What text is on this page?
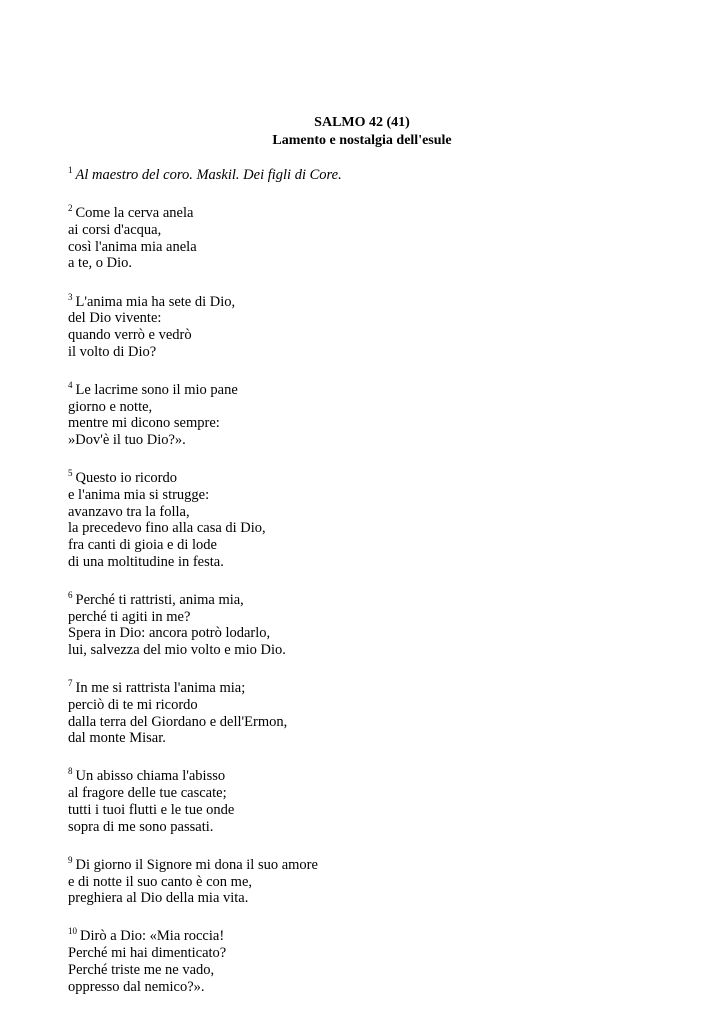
SALMO 42 (41)
Lamento e nostalgia dell'esule
$^1$ Al maestro del coro. Maskil. Dei figli di Core.
$^2$ Come la cerva anela
ai corsi d'acqua,
così l'anima mia anela
a te, o Dio.
$^3$ L'anima mia ha sete di Dio,
del Dio vivente:
quando verrò e vedrò
il volto di Dio?
$^4$ Le lacrime sono il mio pane
giorno e notte,
mentre mi dicono sempre:
»Dov'è il tuo Dio?».
$^5$ Questo io ricordo
e l'anima mia si strugge:
avanzavo tra la folla,
la precedevo fino alla casa di Dio,
fra canti di gioia e di lode
di una moltitudine in festa.
$^6$ Perché ti rattristi, anima mia,
perché ti agiti in me?
Spera in Dio: ancora potrò lodarlo,
lui, salvezza del mio volto e mio Dio.
$^7$ In me si rattrista l'anima mia;
perciò di te mi ricordo
dalla terra del Giordano e dell'Ermon,
dal monte Misar.
$^8$ Un abisso chiama l'abisso
al fragore delle tue cascate;
tutti i tuoi flutti e le tue onde
sopra di me sono passati.
$^9$ Di giorno il Signore mi dona il suo amore
e di notte il suo canto è con me,
preghiera al Dio della mia vita.
$^{10}$ Dirò a Dio: «Mia roccia!
Perché mi hai dimenticato?
Perché triste me ne vado,
oppresso dal nemico?».
